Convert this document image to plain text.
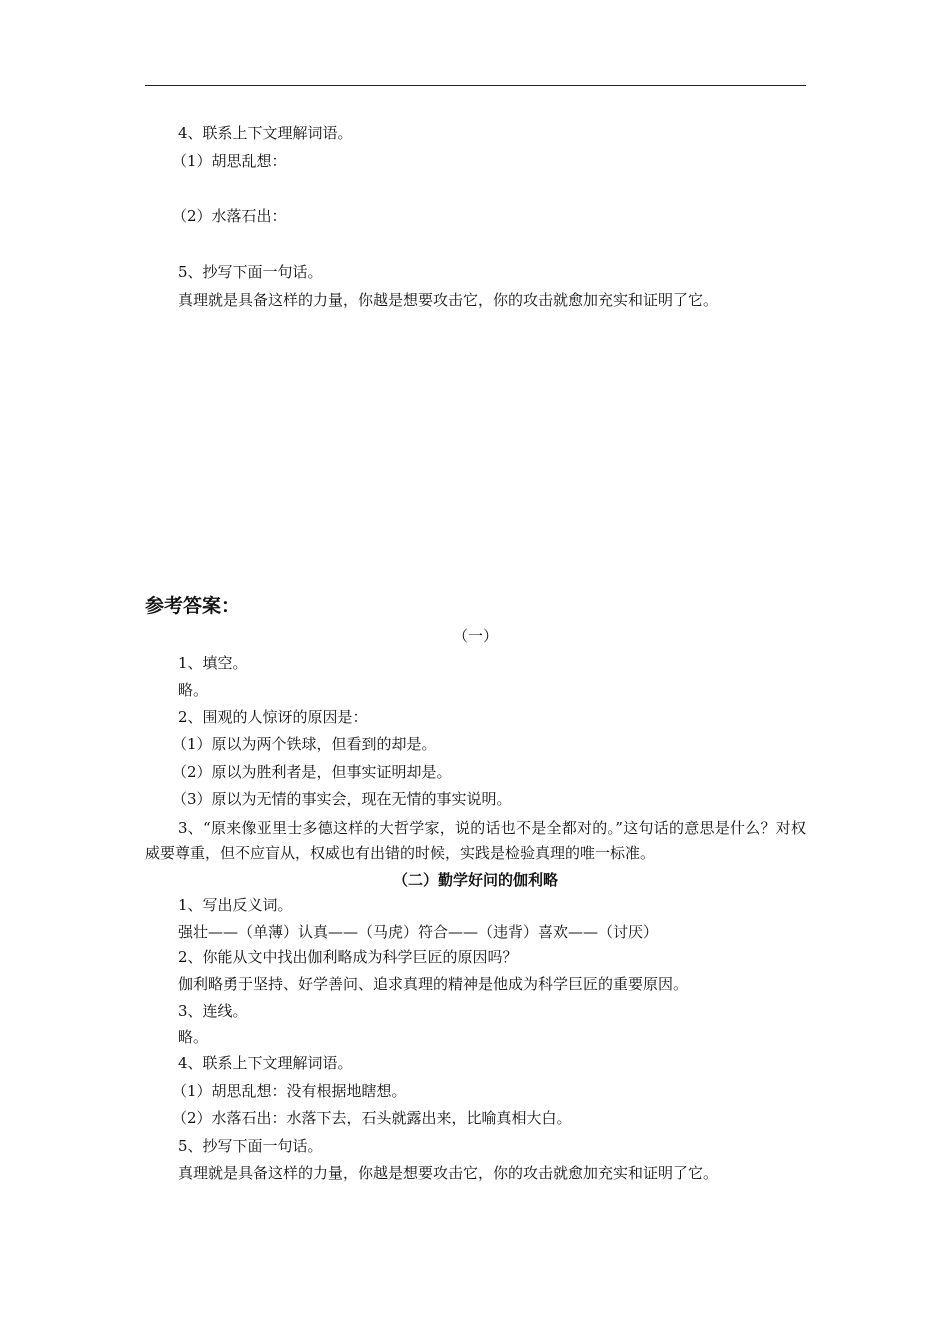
4、联系上下文理解词语。
（1）胡思乱想：
（2）水落石出：
5、抄写下面一句话。
真理就是具备这样的力量，你越是想要攻击它，你的攻击就愈加充实和证明了它。
参考答案：
（一）
1、填空。
略。
2、围观的人惊讶的原因是：
（1）原以为两个铁球，但看到的却是。
（2）原以为胜利者是，但事实证明却是。
（3）原以为无情的事实会，现在无情的事实说明。
3、“原来像亚里士多德这样的大哲学家，说的话也不是全都对的。”这句话的意思是什么？对权威要尊重，但不应盲从，权威也有出错的时候，实践是检验真理的唯一标准。
（二）勤学好问的伽利略
1、写出反义词。
强壮——（单薄）认真——（马虎）符合——（违背）喜欢——（讨厌）
2、你能从文中找出伽利略成为科学巨匠的原因吗？
伽利略勇于坚持、好学善问、追求真理的精神是他成为科学巨匠的重要原因。
3、连线。
略。
4、联系上下文理解词语。
（1）胡思乱想：没有根据地瞎想。
（2）水落石出：水落下去，石头就露出来，比喻真相大白。
5、抄写下面一句话。
真理就是具备这样的力量，你越是想要攻击它，你的攻击就愈加充实和证明了它。
